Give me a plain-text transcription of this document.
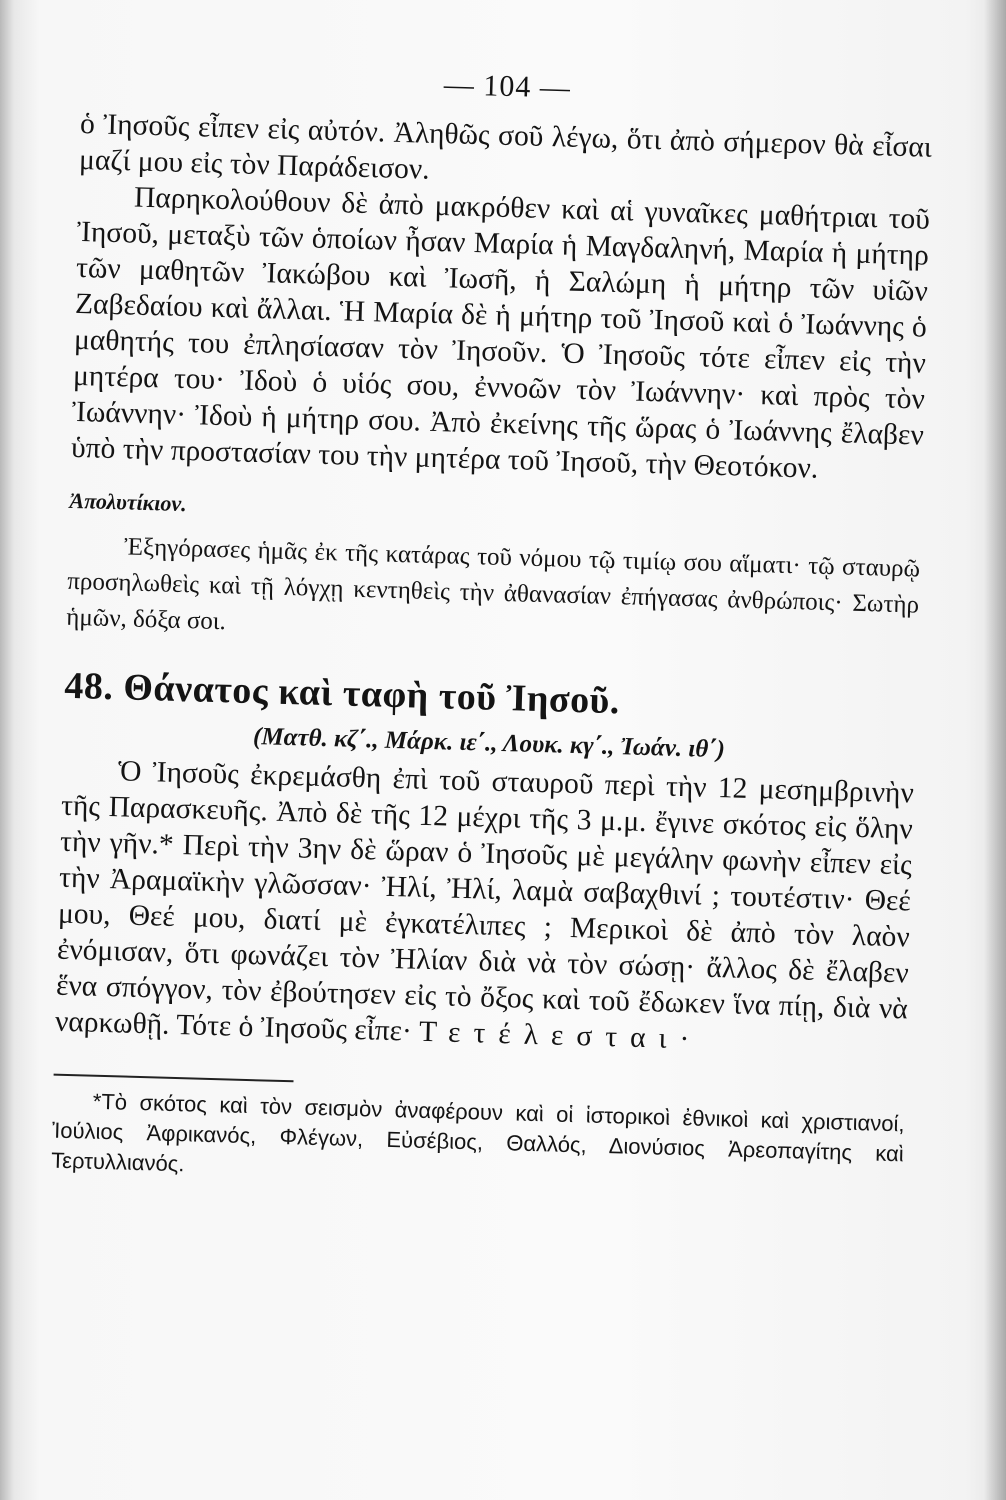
— 104 —

ὁ Ἰησοῦς εἶπεν εἰς αὐτόν. Ἀληθῶς σοῦ λέγω, ὅτι ἀπὸ σήμερον θὰ εἶσαι μαζί μου εἰς τὸν Παράδεισον.

Παρηκολούθουν δὲ ἀπὸ μακρόθεν καὶ αἱ γυναῖκες μαθήτριαι τοῦ Ἰησοῦ, μεταξὺ τῶν ὁποίων ἦσαν Μαρία ἡ Μαγδαληνή, Μαρία ἡ μήτηρ τῶν μαθητῶν Ἰακώβου καὶ Ἰωσῆ, ἡ Σαλώμη ἡ μήτηρ τῶν υἱῶν Ζαβεδαίου καὶ ἄλλαι. Ἡ Μαρία δὲ ἡ μήτηρ τοῦ Ἰησοῦ καὶ ὁ Ἰωάννης ὁ μαθητής του ἐπλησίασαν τὸν Ἰησοῦν. Ὁ Ἰησοῦς τότε εἶπεν εἰς τὴν μητέρα του· Ἰδοὺ ὁ υἱός σου, ἐννοῶν τὸν Ἰωάννην· καὶ πρὸς τὸν Ἰωάννην· Ἰδοὺ ἡ μήτηρ σου. Ἀπὸ ἐκείνης τῆς ὥρας ὁ Ἰωάννης ἔλαβεν ὑπὸ τὴν προστασίαν του τὴν μητέρα τοῦ Ἰησοῦ, τὴν Θεοτόκον.

Ἀπολυτίκιον.
Ἐξηγόρασες ἡμᾶς ἐκ τῆς κατάρας τοῦ νόμου τῷ τιμίῳ σου αἵματι· τῷ σταυρῷ προσηλωθεὶς καὶ τῇ λόγχῃ κεντηθεὶς τὴν ἀθανασίαν ἐπήγασας ἀνθρώποις· Σωτὴρ ἡμῶν, δόξα σοι.
48. Θάνατος καὶ ταφὴ τοῦ Ἰησοῦ.
(Ματθ. κζ΄., Μάρκ. ιε΄., Λουκ. κγ΄., Ἰωάν. ιθ΄)

Ὁ Ἰησοῦς ἐκρεμάσθη ἐπὶ τοῦ σταυροῦ περὶ τὴν 12 μεσημβρινὴν τῆς Παρασκευῆς. Ἀπὸ δὲ τῆς 12 μέχρι τῆς 3 μ.μ. ἔγινε σκότος εἰς ὅλην τὴν γῆν.* Περὶ τὴν 3ην δὲ ὥραν ὁ Ἰησοῦς μὲ μεγάλην φωνὴν εἶπεν εἰς τὴν Ἀραμαϊκὴν γλῶσσαν· Ἠλί, Ἠλί, λαμὰ σαβαχθινί ; τουτέστιν· Θεέ μου, Θεέ μου, διατί μὲ ἐγκατέλιπες ; Μερικοὶ δὲ ἀπὸ τὸν λαὸν ἐνόμισαν, ὅτι φωνάζει τὸν Ἠλίαν διὰ νὰ τὸν σώσῃ· ἄλλος δὲ ἔλαβεν ἕνα σπόγγον, τὸν ἐβούτησεν εἰς τὸ ὄξος καὶ τοῦ ἔδωκεν ἵνα πίῃ, διὰ νὰ ναρκωθῇ. Τότε ὁ Ἰησοῦς εἶπε· Τετέλεσται·

*Τὸ σκότος καὶ τὸν σεισμὸν ἀναφέρουν καὶ οἱ ἱστορικοὶ ἐθνικοὶ καὶ χριστιανοί, Ἰούλιος Ἀφρικανός, Φλέγων, Εὐσέβιος, Θαλλός, Διονύσιος Ἀρεοπαγίτης καὶ Τερτυλλιανός.
